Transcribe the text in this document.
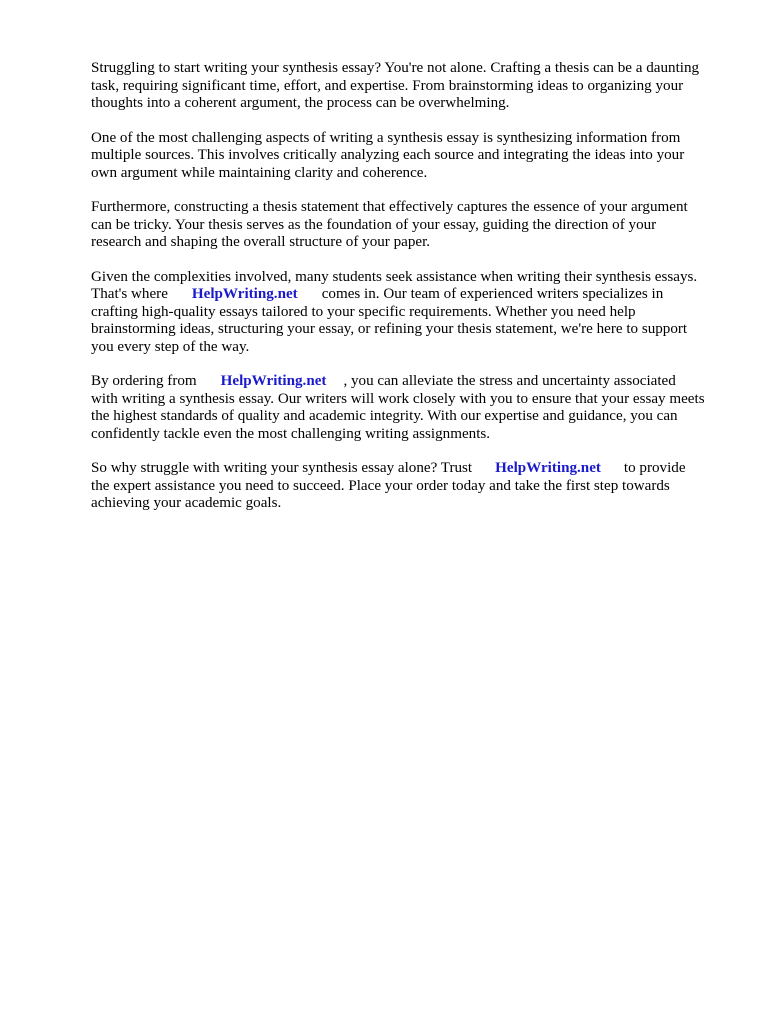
Struggling to start writing your synthesis essay? You're not alone. Crafting a thesis can be a daunting
task, requiring significant time, effort, and expertise. From brainstorming ideas to organizing your
thoughts into a coherent argument, the process can be overwhelming.

One of the most challenging aspects of writing a synthesis essay is synthesizing information from
multiple sources. This involves critically analyzing each source and integrating the ideas into your
own argument while maintaining clarity and coherence.

Furthermore, constructing a thesis statement that effectively captures the essence of your argument
can be tricky. Your thesis serves as the foundation of your essay, guiding the direction of your
research and shaping the overall structure of your paper.

Given the complexities involved, many students seek assistance when writing their synthesis essays.
That's where HelpWriting.net comes in. Our team of experienced writers specializes in
crafting high-quality essays tailored to your specific requirements. Whether you need help
brainstorming ideas, structuring your essay, or refining your thesis statement, we're here to support
you every step of the way.

By ordering from HelpWriting.net , you can alleviate the stress and uncertainty associated
with writing a synthesis essay. Our writers will work closely with you to ensure that your essay meets
the highest standards of quality and academic integrity. With our expertise and guidance, you can
confidently tackle even the most challenging writing assignments.

So why struggle with writing your synthesis essay alone? Trust HelpWriting.net to provide
the expert assistance you need to succeed. Place your order today and take the first step towards
achieving your academic goals.
